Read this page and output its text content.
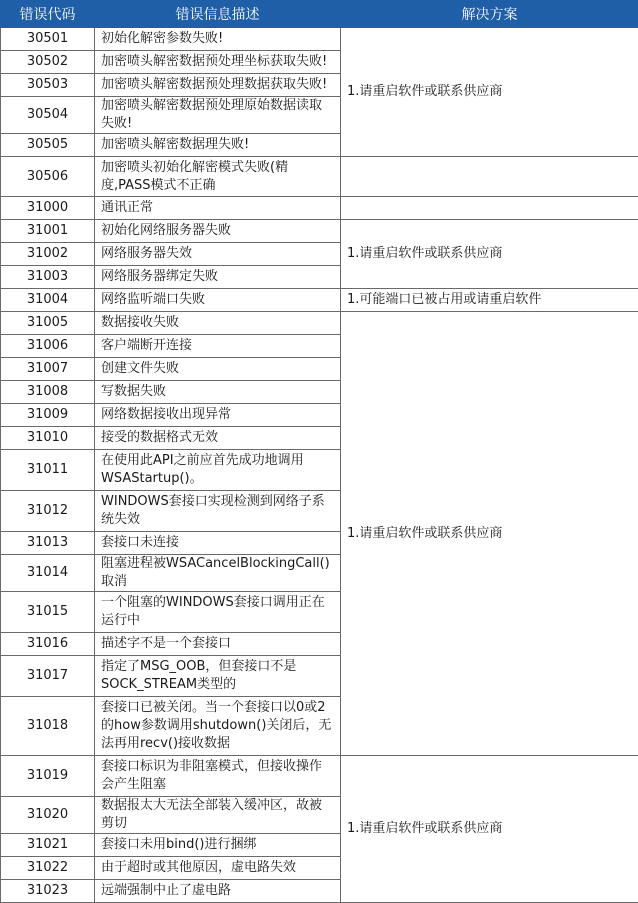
错误代码	错误信息描述	解决方案	
30501	初始化解密参数失败!	1.请重启软件或联系供应商	
30502	加密喷头解密数据预处理坐标获取失败!		
30503	加密喷头解密数据预处理数据获取失败!		
30504	加密喷头解密数据预处理原始数据读取失败!		
30505	加密喷头解密数据理失败!		
30506	加密喷头初始化解密模式失败(精度,PASS模式不正确		
31000	通讯正常		
31001	初始化网络服务器失败	1.请重启软件或联系供应商	
31002	网络服务器失效		
31003	网络服务器绑定失败		
31004	网络监听端口失败	1.可能端口已被占用或请重启软件	
31005	数据接收失败	1.请重启软件或联系供应商	
31006	客户端断开连接		
31007	创建文件失败		
31008	写数据失败		
31009	网络数据接收出现异常		
31010	接受的数据格式无效		
31011	在使用此API之前应首先成功地调用WSAStartup()。		
31012	WINDOWS套接口实现检测到网络子系统失效		
31013	套接口未连接		
31014	阻塞进程被WSACancelBlockingCall()取消		
31015	一个阻塞的WINDOWS套接口调用正在运行中		
31016	描述字不是一个套接口		
31017	指定了MSG_OOB，但套接口不是SOCK_STREAM类型的		
31018	套接口已被关闭。当一个套接口以0或2的how参数调用shutdown()关闭后，无法再用recv()接收数据		
31019	套接口标识为非阻塞模式，但接收操作会产生阻塞	1.请重启软件或联系供应商	
31020	数据报太大无法全部装入缓冲区，故被剪切		
31021	套接口未用bind()进行捆绑		
31022	由于超时或其他原因，虚电路失效		
31023	远端强制中止了虚电路		
